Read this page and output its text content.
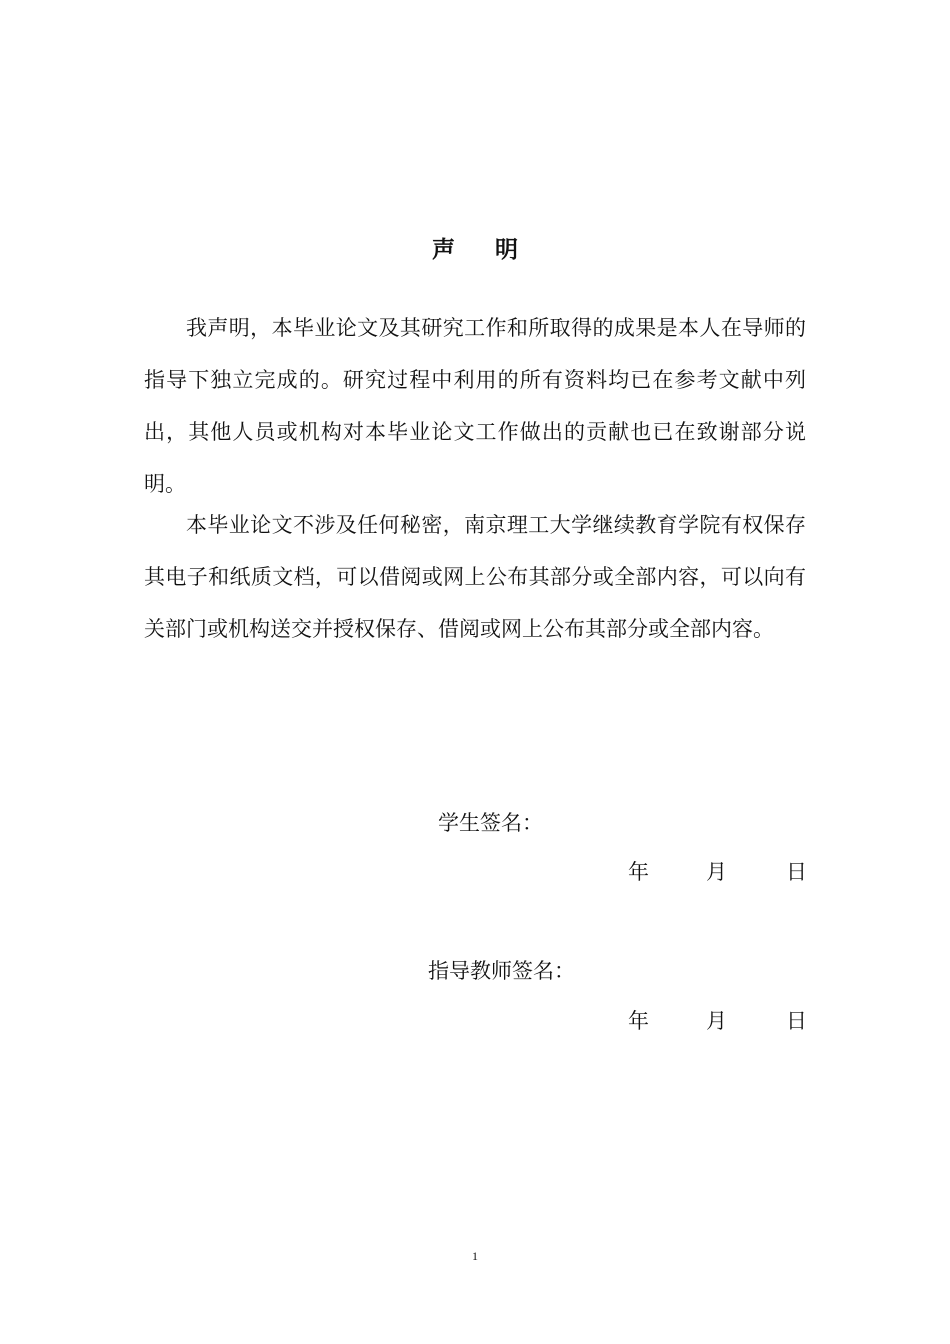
声 明

我声明，本毕业论文及其研究工作和所取得的成果是本人在导师的指导下独立完成的。研究过程中利用的所有资料均已在参考文献中列出，其他人员或机构对本毕业论文工作做出的贡献也已在致谢部分说明。

本毕业论文不涉及任何秘密，南京理工大学继续教育学院有权保存其电子和纸质文档，可以借阅或网上公布其部分或全部内容，可以向有关部门或机构送交并授权保存、借阅或网上公布其部分或全部内容。

学生签名：
年	月	日
指导教师签名：
年	月	日
1
